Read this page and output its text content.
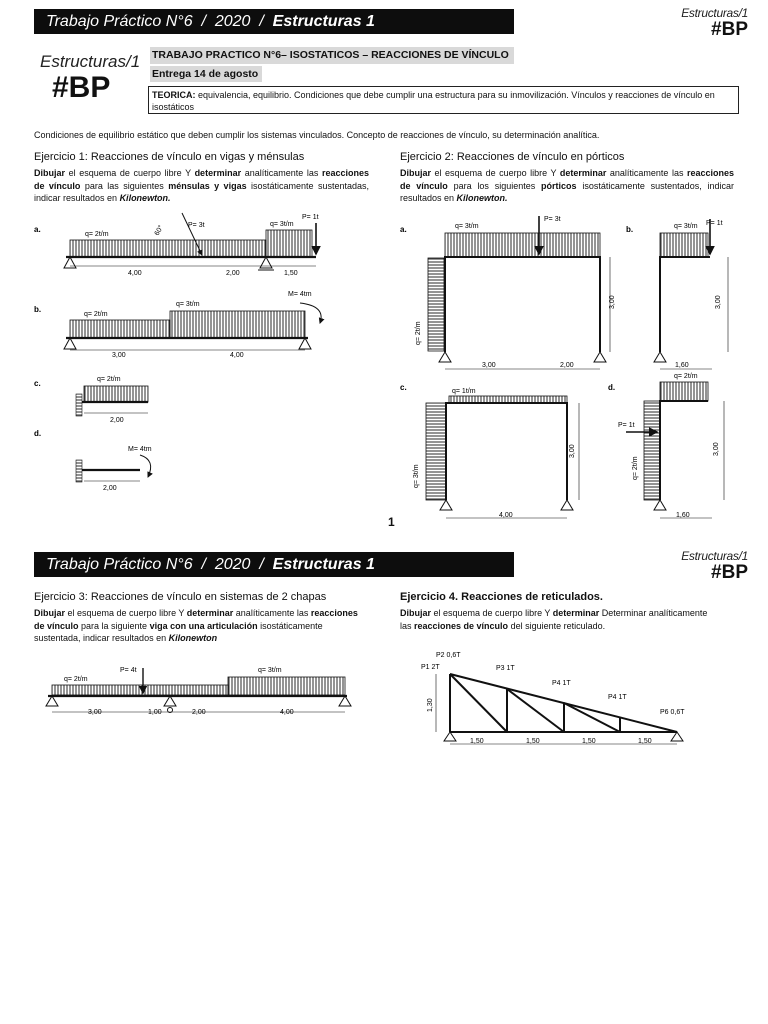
Trabajo Práctico N°6 / 2020 / Estructuras 1	Estructuras/1
#BP
Estructuras/1
#BP
TRABAJO PRACTICO N°6– ISOSTATICOS – REACCIONES DE VÍNCULO
Entrega 14 de agosto
TEORICA: equivalencia, equilibrio. Condiciones que debe cumplir una estructura para su inmovilización. Vínculos y reacciones de vínculo en isostáticos
Condiciones de equilibrio estático que deben cumplir los sistemas vinculados. Concepto de reacciones de vínculo, su determinación analítica.
Ejercicio 1: Reacciones de vínculo en vigas y ménsulas
Dibujar el esquema de cuerpo libre Y determinar analíticamente las reacciones de vínculo para las siguientes ménsulas y vigas isostáticamente sustentadas, indicar resultados en Kilonewton.
Ejercicio 2: Reacciones de vínculo en pórticos
Dibujar el esquema de cuerpo libre Y determinar analíticamente las reacciones de vínculo para los siguientes pórticos isostáticamente sustentados, indicar resultados en Kilonewton.
1
Trabajo Práctico N°6 / 2020 / Estructuras 1	Estructuras/1
#BP
Ejercicio 3: Reacciones de vínculo en sistemas de 2 chapas
Dibujar el esquema de cuerpo libre Y determinar analíticamente las reacciones de vínculo para la siguiente viga con una articulación isostáticamente sustentada, indicar resultados en Kilonewton
Ejercicio 4. Reacciones de reticulados.
Dibujar el esquema de cuerpo libre Y determinar Determinar analíticamente las reacciones de vínculo del siguiente reticulado.
a.
q= 2t/m
P= 3t
60°	q= 3t/m
P= 1t
4,00	2,00	1,50
b.
q= 2t/m
q= 3t/m
M= 4tm
3,00	4,00
c.	q= 2t/m
2,00
d.
M= 4tm
2,00
a.	q= 3t/m
P= 3t
q= 2t/m
3,00
3,00	2,00
b.	q= 3t/m P= 1t
3,00
1,60
c.	q= 1t/m
q= 3t/m
3,00
4,00
d.
q= 2t/m
P= 1t
q= 2t/m
3,00
1,60
q= 2t/m
P= 4t	q= 3t/m
3,00	1,00	2,00	4,00
P1 2T
P2 0,6T
P3 1T
P4 1T
P4 1T
P6 0,6T
1,30
1,50	1,50	1,50	1,50
